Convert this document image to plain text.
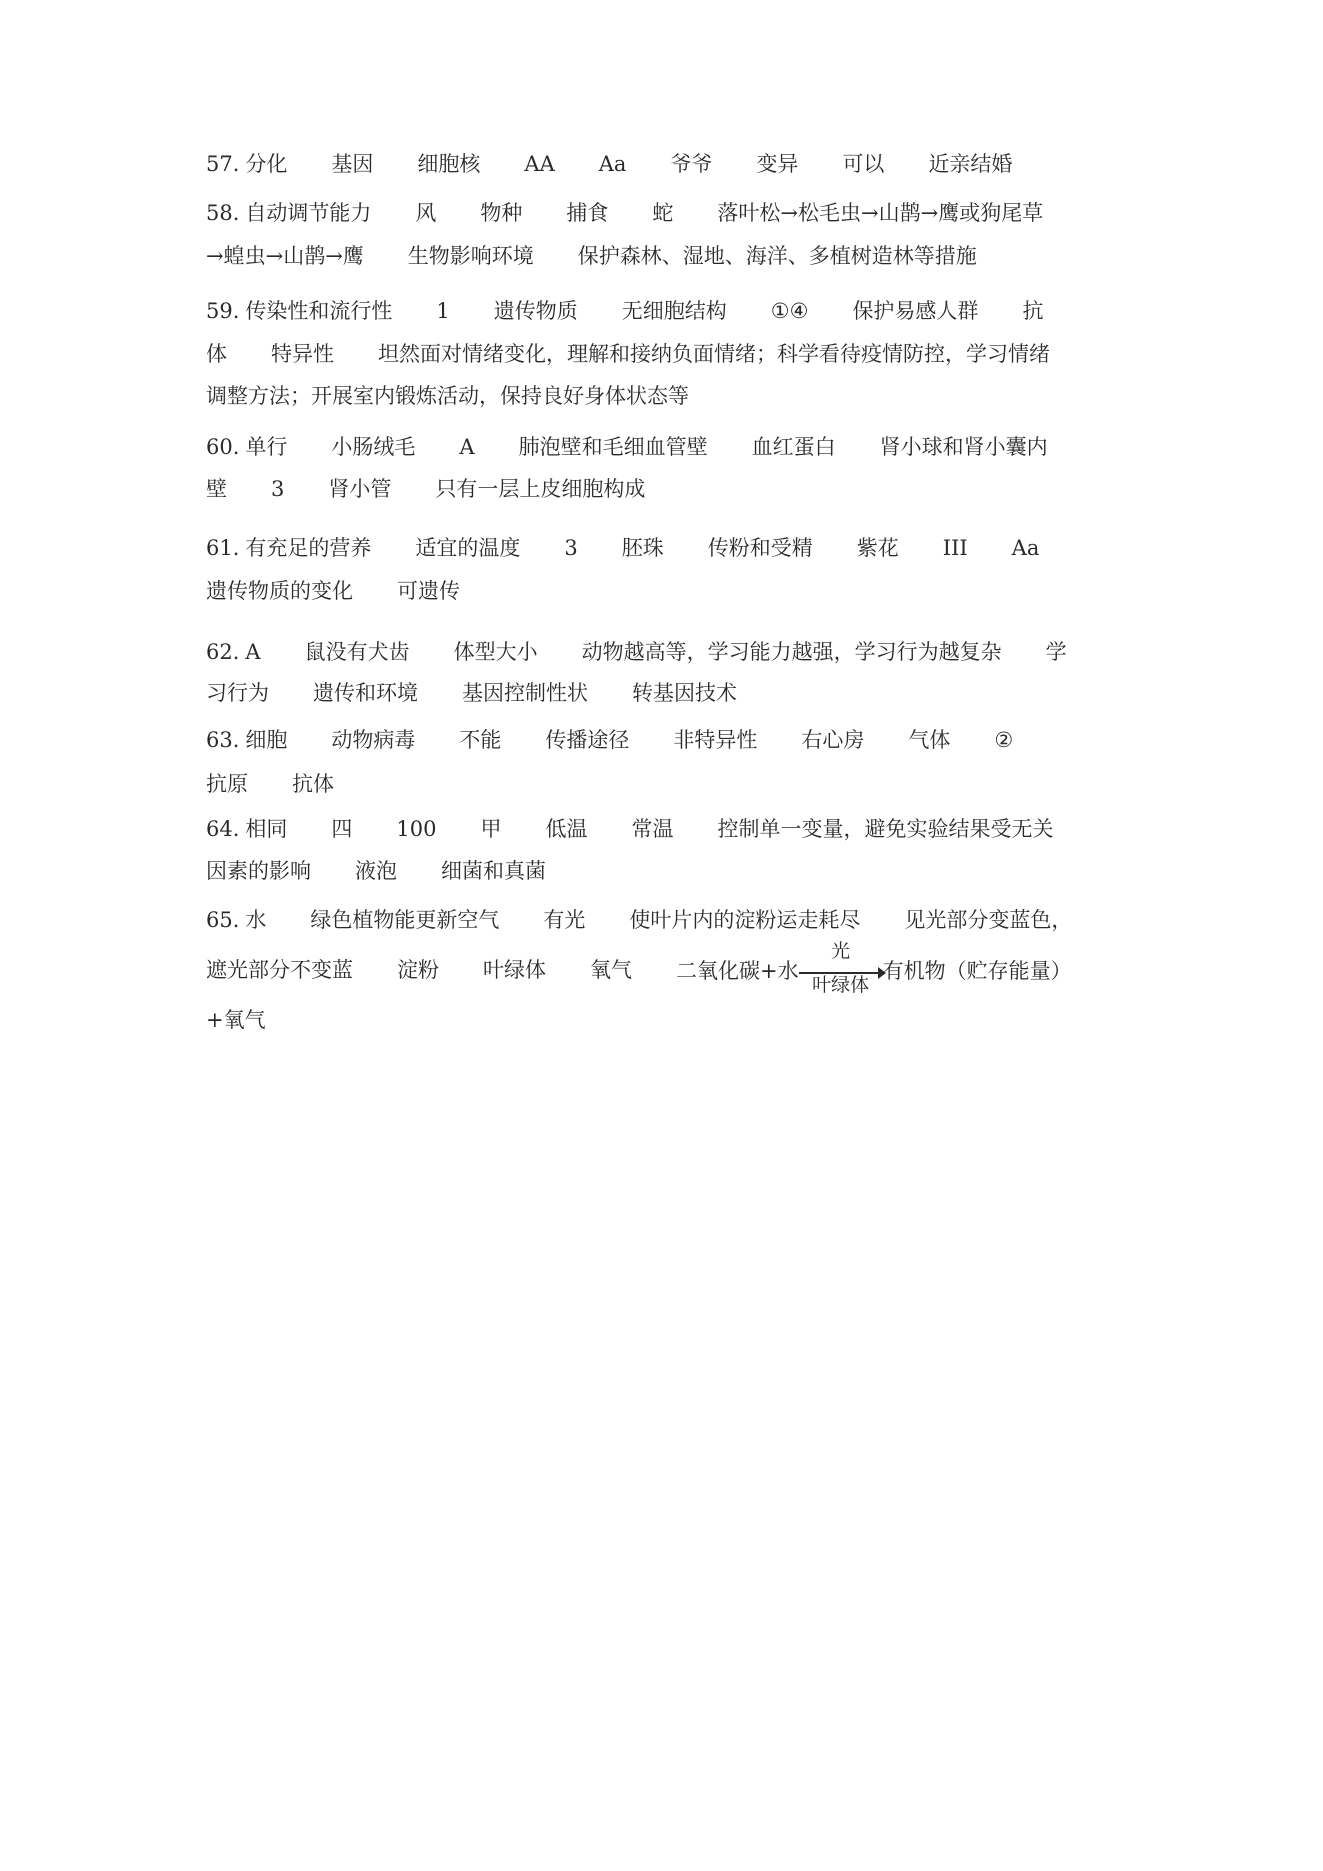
57. 分化 基因 细胞核 AA Aa 爷爷 变异 可以 近亲结婚
58. 自动调节能力 风 物种 捕食 蛇 落叶松→松毛虫→山鹊→鹰或狗尾草
→蝗虫→山鹊→鹰 生物影响环境 保护森林、湿地、海洋、多植树造林等措施
59. 传染性和流行性 1 遗传物质 无细胞结构 ①④ 保护易感人群 抗
体 特异性 坦然面对情绪变化，理解和接纳负面情绪；科学看待疫情防控，学习情绪
调整方法；开展室内锻炼活动，保持良好身体状态等
60. 单行 小肠绒毛 A 肺泡壁和毛细血管壁 血红蛋白 肾小球和肾小囊内
壁 3 肾小管 只有一层上皮细胞构成
61. 有充足的营养 适宜的温度 3 胚珠 传粉和受精 紫花 III Aa
遗传物质的变化 可遗传
62. A 鼠没有犬齿 体型大小 动物越高等，学习能力越强，学习行为越复杂 学
习行为 遗传和环境 基因控制性状 转基因技术
63. 细胞 动物病毒 不能 传播途径 非特异性 右心房 气体 ②
抗原 抗体
64. 相同 四 100 甲 低温 常温 控制单一变量，避免实验结果受无关
因素的影响 液泡 细菌和真菌
65. 水 绿色植物能更新空气 有光 使叶片内的淀粉运走耗尽 见光部分变蓝色，
遮光部分不变蓝 淀粉 叶绿体 氧气 二氧化碳+水
光
叶绿体
有机物（贮存能量）
+氧气
